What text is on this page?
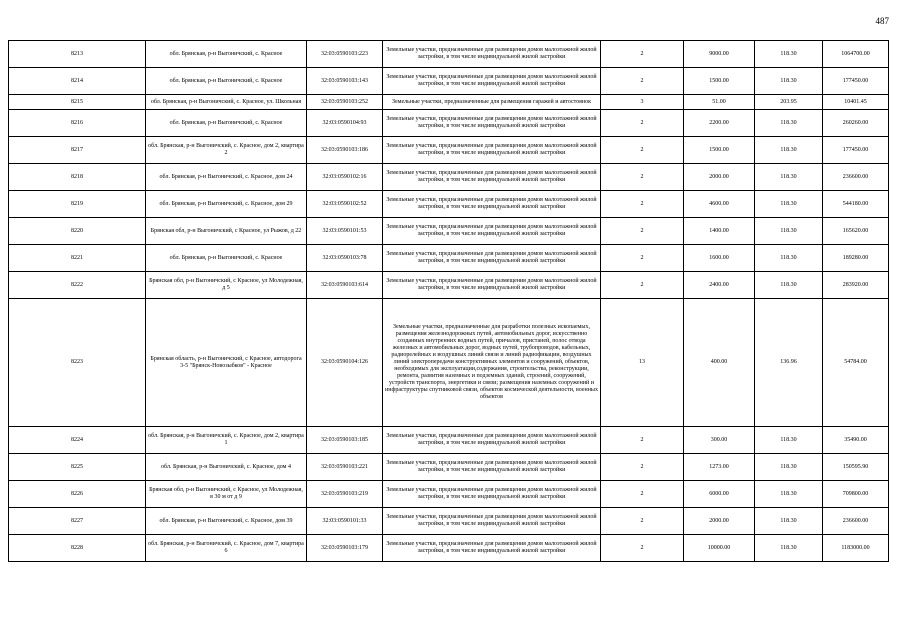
487
8213	обл. Брянская, р-н Выгоничский, с. Красное	32:03:0590103:223	Земельные участки, предназначенные для размещения домов малоэтажной жилой застройки, в том числе индивидуальной жилой застройки	2	9000.00	118.30	1064700.00
8214	обл. Брянская, р-н Выгоничский, с. Красное	32:03:0590103:143	Земельные участки, предназначенные для размещения домов малоэтажной жилой застройки, в том числе индивидуальной жилой застройки	2	1500.00	118.30	177450.00
8215	обл. Брянская, р-н Выгоничский, с. Красное, ул. Школьная	32:03:0590103:252	Земельные участки, предназначенные для размещения гаражей и автостоянок	3	51.00	203.95	10401.45
8216	обл. Брянская, р-н Выгоничский, с. Красное	32:03:0590104:93	Земельные участки, предназначенные для размещения домов малоэтажной жилой застройки, в том числе индивидуальной жилой застройки	2	2200.00	118.30	260260.00
8217	обл. Брянская, р-н Выгоничский, с. Красное, дом 2, квартира 2	32:03:0590103:186	Земельные участки, предназначенные для размещения домов малоэтажной жилой застройки, в том числе индивидуальной жилой застройки	2	1500.00	118.30	177450.00
8218	обл. Брянская, р-н Выгоничский, с. Красное, дом 24	32:03:0590102:16	Земельные участки, предназначенные для размещения домов малоэтажной жилой застройки, в том числе индивидуальной жилой застройки	2	2000.00	118.30	236600.00
8219	обл. Брянская, р-н Выгоничский, с. Красное, дом 29	32:03:0590102:52	Земельные участки, предназначенные для размещения домов малоэтажной жилой застройки, в том числе индивидуальной жилой застройки	2	4600.00	118.30	544180.00
8220	Брянская обл, р-н Выгоничский, с Красное, ул Рыжов, д 22	32:03:0590101:53	Земельные участки, предназначенные для размещения домов малоэтажной жилой застройки, в том числе индивидуальной жилой застройки	2	1400.00	118.30	165620.00
8221	обл. Брянская, р-н Выгоничский, с. Красное	32:03:0590103:78	Земельные участки, предназначенные для размещения домов малоэтажной жилой застройки, в том числе индивидуальной жилой застройки	2	1600.00	118.30	189280.00
8222	Брянская обл, р-н Выгоничский, с Красное, ул Молодежная, д 5	32:03:0590103:614	Земельные участки, предназначенные для размещения домов малоэтажной жилой застройки, в том числе индивидуальной жилой застройки	2	2400.00	118.30	283920.00
8223	Брянская область, р-н Выгоничский, с Красное, автодорога 3-5 "Брянск-Новозыбков" - Красное	32:03:0590104:126	Земельные участки, предназначенные для разработки полезных ископаемых, размещения железнодорожных путей, автомобильных дорог, искусственно созданных внутренних водных путей, причалов, пристаней, полос отвода железных и автомобильных дорог, водных путей, трубопроводов, кабельных, радиорелейных и воздушных линий связи и линий радиофикации, воздушных линий электропередачи конструктивных элементов и сооружений, объектов, необходимых для эксплуатации,содержания, строительства, реконструкции, ремонта, развития наземных и подземных зданий, строений, сооружений, устройств транспорта, энергетики и связи; размещения наземных сооружений и инфраструктуры спутниковой связи, объектов космической деятельности, военных объектов	13	400.00	136.96	54784.00
8224	обл. Брянская, р-н Выгоничский, с. Красное, дом 2, квартира 1	32:03:0590103:185	Земельные участки, предназначенные для размещения домов малоэтажной жилой застройки, в том числе индивидуальной жилой застройки	2	300.00	118.30	35490.00
8225	обл. Брянская, р-н Выгоничский, с. Красное, дом 4	32:03:0590103:221	Земельные участки, предназначенные для размещения домов малоэтажной жилой застройки, в том числе индивидуальной жилой застройки	2	1273.00	118.30	150595.90
8226	Брянская обл, р-н Выгоничский, с Красное, ул Молодежная, в 30 м от д 9	32:03:0590103:219	Земельные участки, предназначенные для размещения домов малоэтажной жилой застройки, в том числе индивидуальной жилой застройки	2	6000.00	118.30	709800.00
8227	обл. Брянская, р-н Выгоничский, с. Красное, дом 39	32:03:0590101:33	Земельные участки, предназначенные для размещения домов малоэтажной жилой застройки, в том числе индивидуальной жилой застройки	2	2000.00	118.30	236600.00
8228	обл. Брянская, р-н Выгоничский, с. Красное, дом 7, квартира 6	32:03:0590103:179	Земельные участки, предназначенные для размещения домов малоэтажной жилой застройки, в том числе индивидуальной жилой застройки	2	10000.00	118.30	1183000.00
